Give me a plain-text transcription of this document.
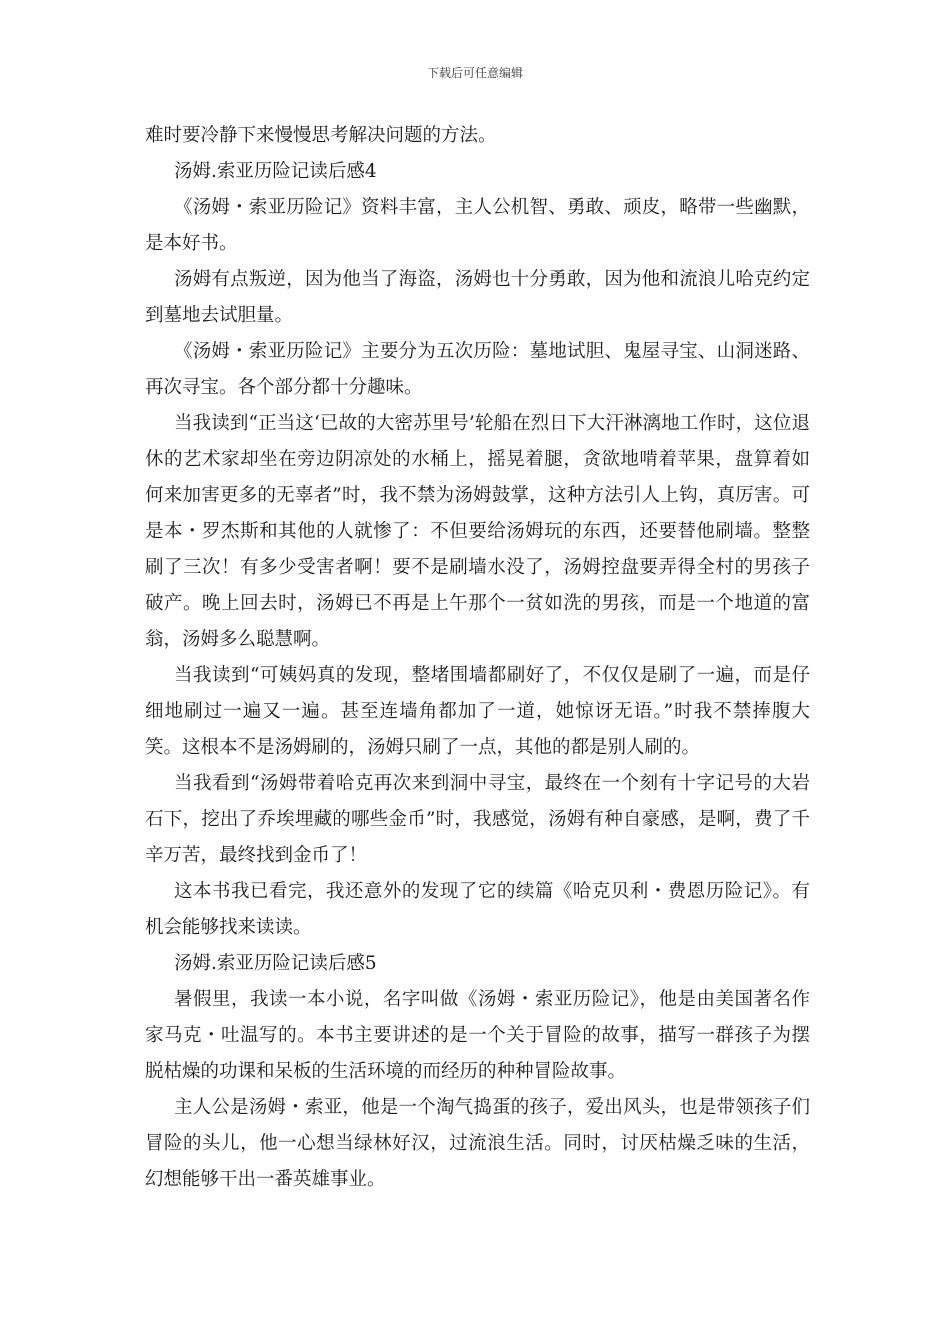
下载后可任意编辑

难时要冷静下来慢慢思考解决问题的方法。

汤姆.索亚历险记读后感4

《汤姆・索亚历险记》资料丰富，主人公机智、勇敢、顽皮，略带一些幽默，是本好书。

汤姆有点叛逆，因为他当了海盗，汤姆也十分勇敢，因为他和流浪儿哈克约定到墓地去试胆量。

《汤姆・索亚历险记》主要分为五次历险：墓地试胆、鬼屋寻宝、山洞迷路、再次寻宝。各个部分都十分趣味。

当我读到“正当这‘已故的大密苏里号’轮船在烈日下大汗淋漓地工作时，这位退休的艺术家却坐在旁边阴凉处的水桶上，摇晃着腿，贪欲地啃着苹果，盘算着如何来加害更多的无辜者”时，我不禁为汤姆鼓掌，这种方法引人上钩，真厉害。可是本・罗杰斯和其他的人就惨了：不但要给汤姆玩的东西，还要替他刷墙。整整刷了三次！有多少受害者啊！要不是刷墙水没了，汤姆控盘要弄得全村的男孩子破产。晚上回去时，汤姆已不再是上午那个一贫如洗的男孩，而是一个地道的富翁，汤姆多么聪慧啊。

当我读到“可姨妈真的发现，整堵围墙都刷好了，不仅仅是刷了一遍，而是仔细地刷过一遍又一遍。甚至连墙角都加了一道，她惊讶无语。”时我不禁捧腹大笑。这根本不是汤姆刷的，汤姆只刷了一点，其他的都是别人刷的。

当我看到“汤姆带着哈克再次来到洞中寻宝，最终在一个刻有十字记号的大岩石下，挖出了乔埃埋藏的哪些金币”时，我感觉，汤姆有种自豪感，是啊，费了千辛万苦，最终找到金币了！

这本书我已看完，我还意外的发现了它的续篇《哈克贝利・费恩历险记》。有机会能够找来读读。

汤姆.索亚历险记读后感5

暑假里，我读一本小说，名字叫做《汤姆・索亚历险记》，他是由美国著名作家马克・吐温写的。本书主要讲述的是一个关于冒险的故事，描写一群孩子为摆脱枯燥的功课和呆板的生活环境的而经历的种种冒险故事。

主人公是汤姆・索亚，他是一个淘气捣蛋的孩子，爱出风头，也是带领孩子们冒险的头儿，他一心想当绿林好汉，过流浪生活。同时，讨厌枯燥乏味的生活，幻想能够干出一番英雄事业。
